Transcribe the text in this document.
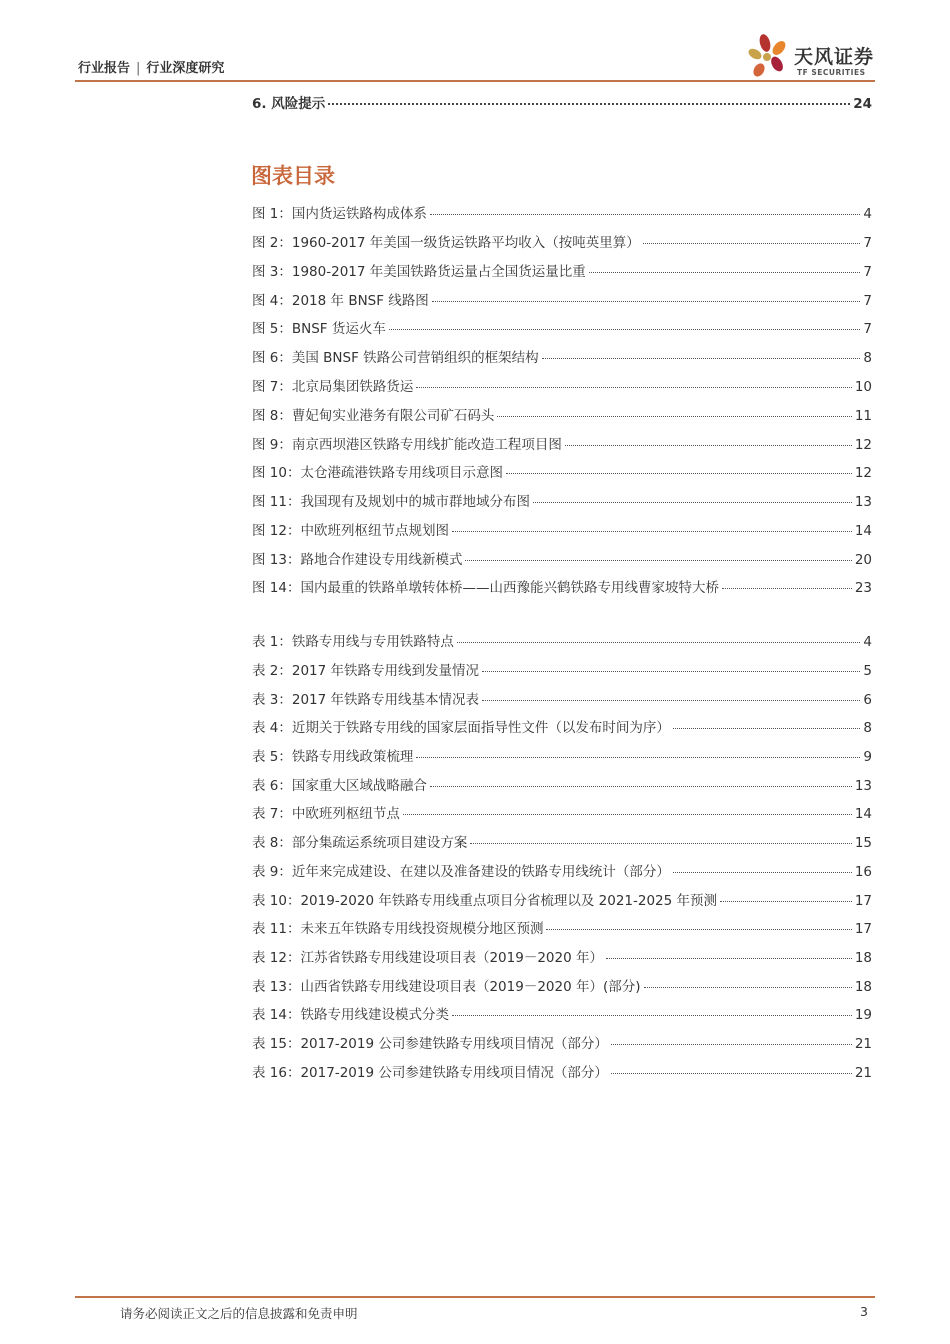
行业报告 | 行业深度研究
天风证券
TF SECURITIES
6. 风险提示	24
图表目录
图 1：国内货运铁路构成体系	4
图 2：1960-2017 年美国一级货运铁路平均收入（按吨英里算）	7
图 3：1980-2017 年美国铁路货运量占全国货运量比重	7
图 4：2018 年 BNSF 线路图	7
图 5：BNSF 货运火车	7
图 6：美国 BNSF 铁路公司营销组织的框架结构	8
图 7：北京局集团铁路货运	10
图 8：曹妃甸实业港务有限公司矿石码头	11
图 9：南京西坝港区铁路专用线扩能改造工程项目图	12
图 10：太仓港疏港铁路专用线项目示意图	12
图 11：我国现有及规划中的城市群地域分布图	13
图 12：中欧班列枢纽节点规划图	14
图 13：路地合作建设专用线新模式	20
图 14：国内最重的铁路单墩转体桥——山西豫能兴鹤铁路专用线曹家坡特大桥	23
表 1：铁路专用线与专用铁路特点	4
表 2：2017 年铁路专用线到发量情况	5
表 3：2017 年铁路专用线基本情况表	6
表 4：近期关于铁路专用线的国家层面指导性文件（以发布时间为序）	8
表 5：铁路专用线政策梳理	9
表 6：国家重大区域战略融合	13
表 7：中欧班列枢纽节点	14
表 8：部分集疏运系统项目建设方案	15
表 9：近年来完成建设、在建以及准备建设的铁路专用线统计（部分）	16
表 10：2019-2020 年铁路专用线重点项目分省梳理以及 2021-2025 年预测	17
表 11：未来五年铁路专用线投资规模分地区预测	17
表 12：江苏省铁路专用线建设项目表（2019－2020 年）	18
表 13：山西省铁路专用线建设项目表（2019－2020 年）(部分)	18
表 14：铁路专用线建设模式分类	19
表 15：2017-2019 公司参建铁路专用线项目情况（部分）	21
表 16：2017-2019 公司参建铁路专用线项目情况（部分）	21
请务必阅读正文之后的信息披露和免责申明	3
